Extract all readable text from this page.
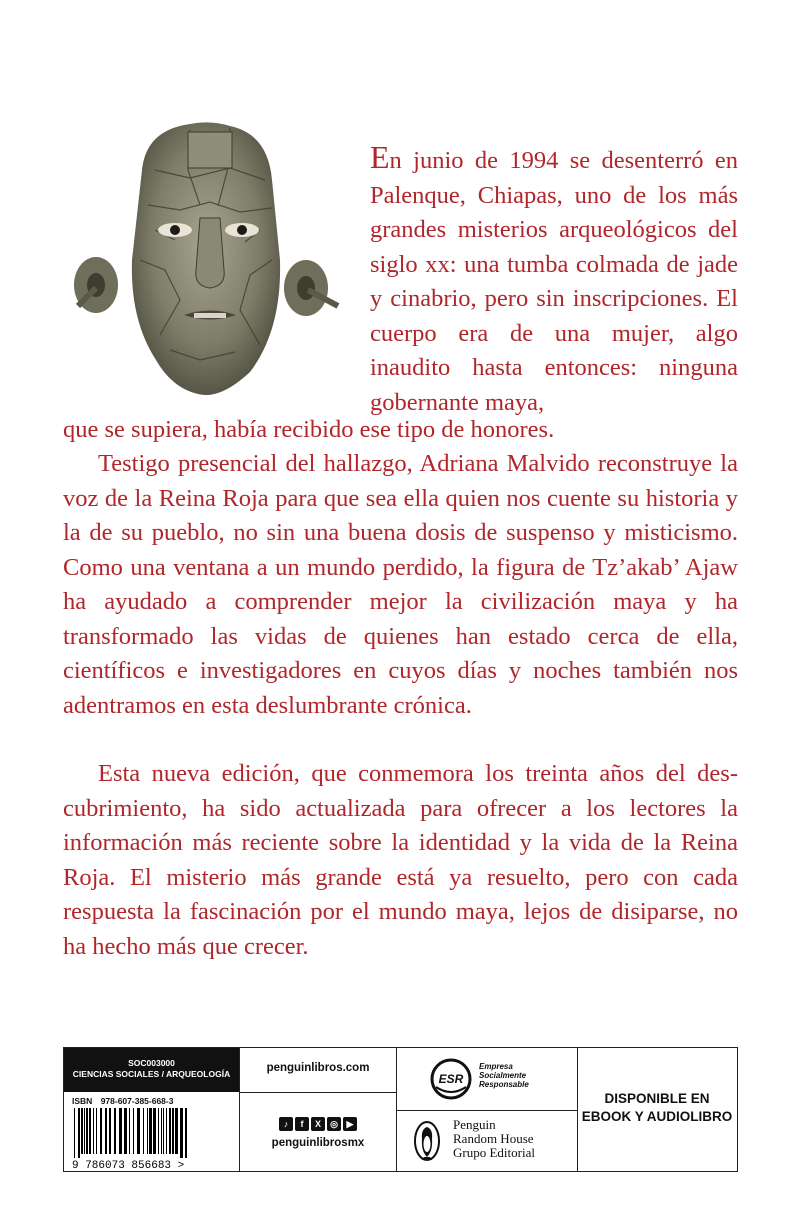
En junio de 1994 se desenterró en Palenque, Chiapas, uno de los más grandes misterios arqueológicos del siglo xx: una tumba colmada de jade y cinabrio, pero sin inscripciones. El cuerpo era de una mujer, algo inaudito hasta entonces: ninguna gobernante maya,
que se supiera, había recibido ese tipo de honores.
Testigo presencial del hallazgo, Adriana Malvido reconstruye la voz de la Reina Roja para que sea ella quien nos cuente su historia y la de su pueblo, no sin una buena dosis de suspenso y misticismo. Como una ventana a un mundo perdido, la figura de Tz’akab’ Ajaw ha ayudado a comprender mejor la civilización maya y ha transformado las vidas de quienes han estado cerca de ella, científicos e investigadores en cuyos días y noches también nos adentramos en esta deslumbrante crónica.
Esta nueva edición, que conmemora los treinta años del descubrimiento, ha sido actualizada para ofrecer a los lectores la información más reciente sobre la identidad y la vida de la Reina Roja. El misterio más grande está ya resuelto, pero con cada respuesta la fascinación por el mundo maya, lejos de disiparse, no ha hecho más que crecer.
SOC003000
CIENCIAS SOCIALES / ARQUEOLOGÍA
ISBN 978-607-385-668-3
9 786073 856683 >
penguinlibros.com
♪ f X ◎ ▶
penguinlibrosmx
ESR
Empresa
Socialmente
Responsable
Penguin
Random House
Grupo Editorial
DISPONIBLE EN
EBOOK Y AUDIOLIBRO
